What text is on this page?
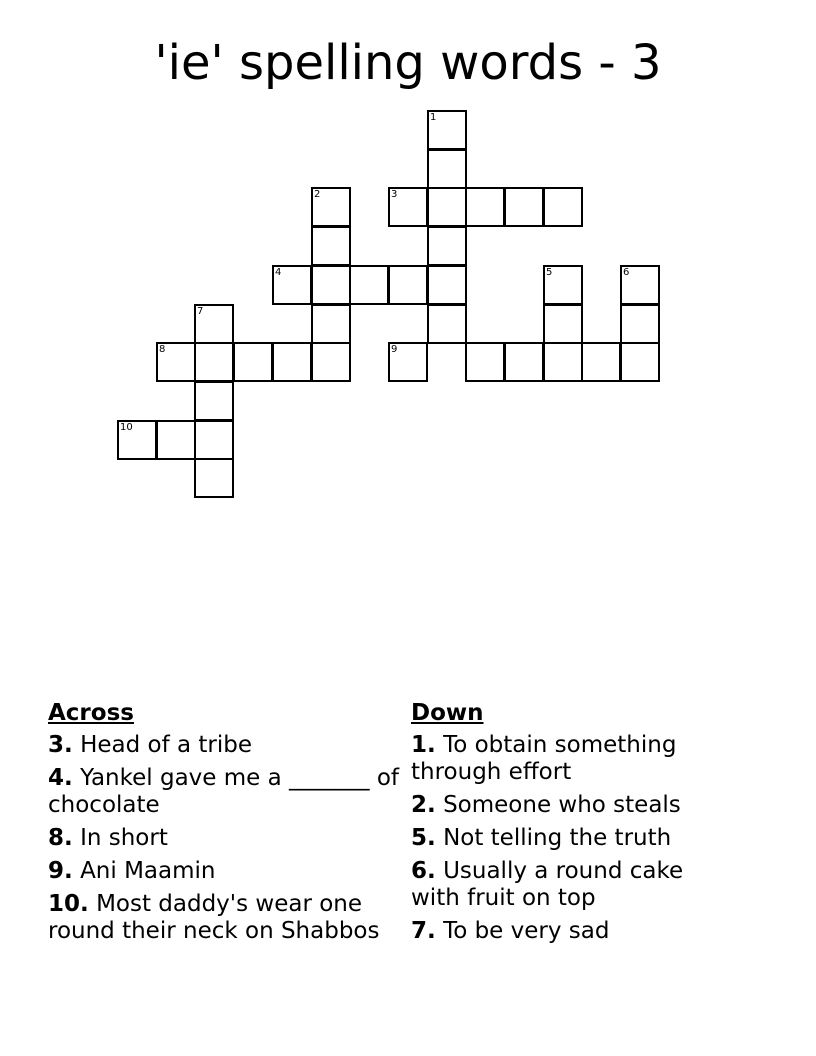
'ie' spelling words - 3
1
2	3
4	5	6
7
8	9
10
Across
3. Head of a tribe
4. Yankel gave me a _______ of chocolate
8. In short
9. Ani Maamin
10. Most daddy's wear one round their neck on Shabbos
Down
1. To obtain something through effort
2. Someone who steals
5. Not telling the truth
6. Usually a round cake with fruit on top
7. To be very sad
